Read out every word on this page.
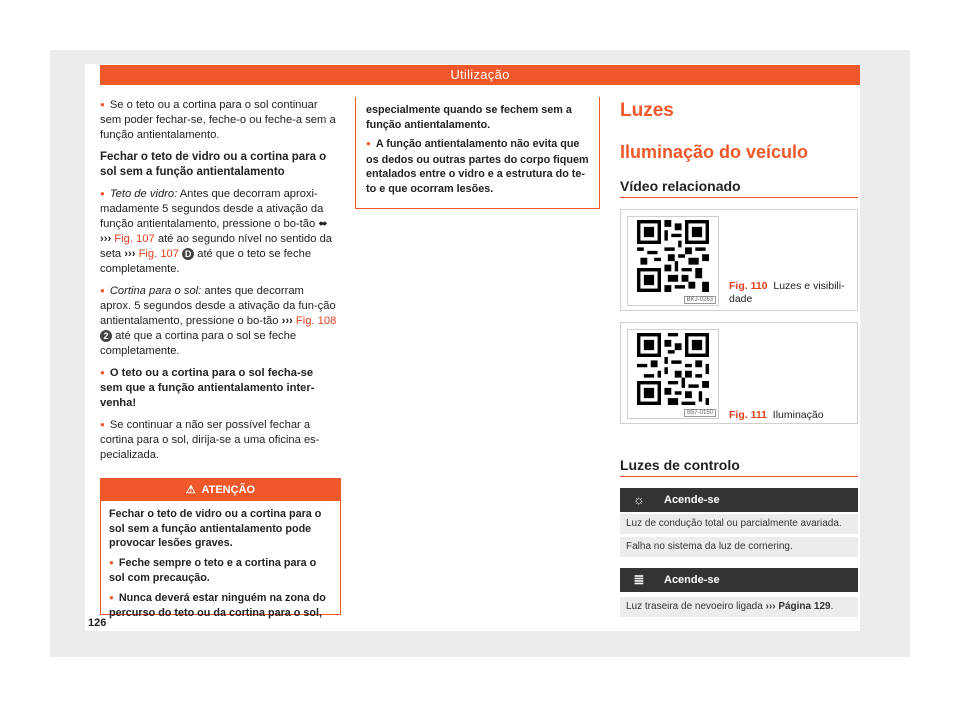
Utilização

● Se o teto ou a cortina para o sol continuar sem poder fechar-se, feche-o ou feche-a sem a função antientalamento.

Fechar o teto de vidro ou a cortina para o sol sem a função antientalamento

● Teto de vidro: Antes que decorram aproxi-madamente 5 segundos desde a ativação da função antientalamento, pressione o bo-tão ⬌ ››› Fig. 107 até ao segundo nível no sentido da seta ››› Fig. 107 D até que o teto se feche completamente.

● Cortina para o sol: antes que decorram aprox. 5 segundos desde a ativação da fun-ção antientalamento, pressione o bo-tão ››› Fig. 108 2 até que a cortina para o sol se feche completamente.

● O teto ou a cortina para o sol fecha-se sem que a função antientalamento inter-venha!

● Se continuar a não ser possível fechar a cortina para o sol, dirija-se a uma oficina es-pecializada.

⚠ ATENÇÃO

Fechar o teto de vidro ou a cortina para o sol sem a função antientalamento pode provocar lesões graves.

● Feche sempre o teto e a cortina para o sol com precaução.

● Nunca deverá estar ninguém na zona do percurso do teto ou da cortina para o sol,

especialmente quando se fechem sem a função antientalamento.

● A função antientalamento não evita que os dedos ou outras partes do corpo fiquem entalados entre o vidro e a estrutura do te-to e que ocorram lesões.

Luzes
Iluminação do veículo
Vídeo relacionado
BKJ-0263
Fig. 110 Luzes e visibili-dade
B57-0150 Fig. 111 Iluminação
Luzes de controlo
☼	Acende-se
Luz de condução total ou parcialmente avariada.
Falha no sistema da luz de cornering.
≣	Acende-se
Luz traseira de nevoeiro ligada ››› Página 129.
126
